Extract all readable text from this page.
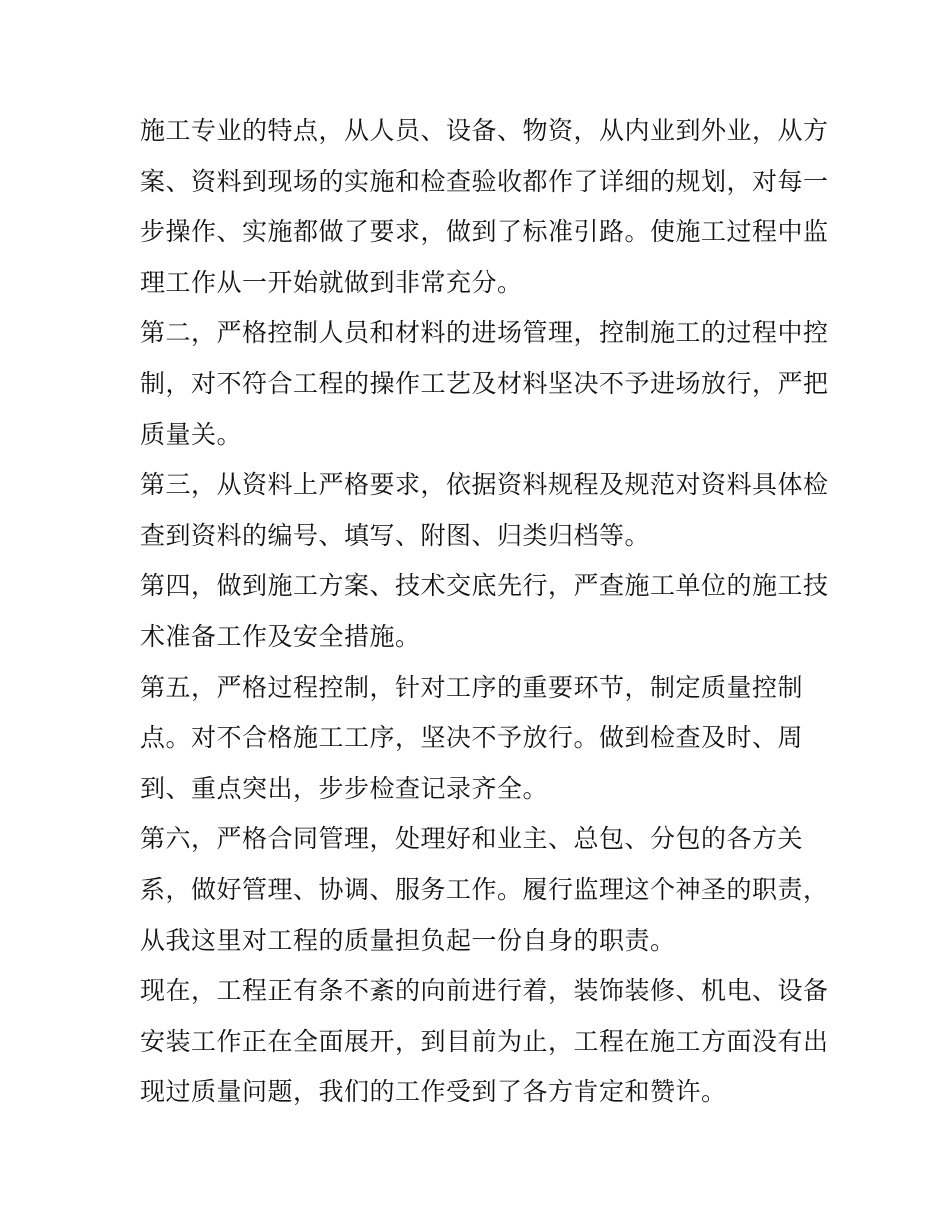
施工专业的特点，从人员、设备、物资，从内业到外业，从方
案、资料到现场的实施和检查验收都作了详细的规划，对每一
步操作、实施都做了要求，做到了标准引路。使施工过程中监
理工作从一开始就做到非常充分。
第二，严格控制人员和材料的进场管理，控制施工的过程中控
制，对不符合工程的操作工艺及材料坚决不予进场放行，严把
质量关。
第三，从资料上严格要求，依据资料规程及规范对资料具体检
查到资料的编号、填写、附图、归类归档等。
第四，做到施工方案、技术交底先行，严查施工单位的施工技
术准备工作及安全措施。
第五，严格过程控制，针对工序的重要环节，制定质量控制
点。对不合格施工工序，坚决不予放行。做到检查及时、周
到、重点突出，步步检查记录齐全。
第六，严格合同管理，处理好和业主、总包、分包的各方关
系，做好管理、协调、服务工作。履行监理这个神圣的职责，
从我这里对工程的质量担负起一份自身的职责。
现在，工程正有条不紊的向前进行着，装饰装修、机电、设备
安装工作正在全面展开，到目前为止，工程在施工方面没有出
现过质量问题，我们的工作受到了各方肯定和赞许。
